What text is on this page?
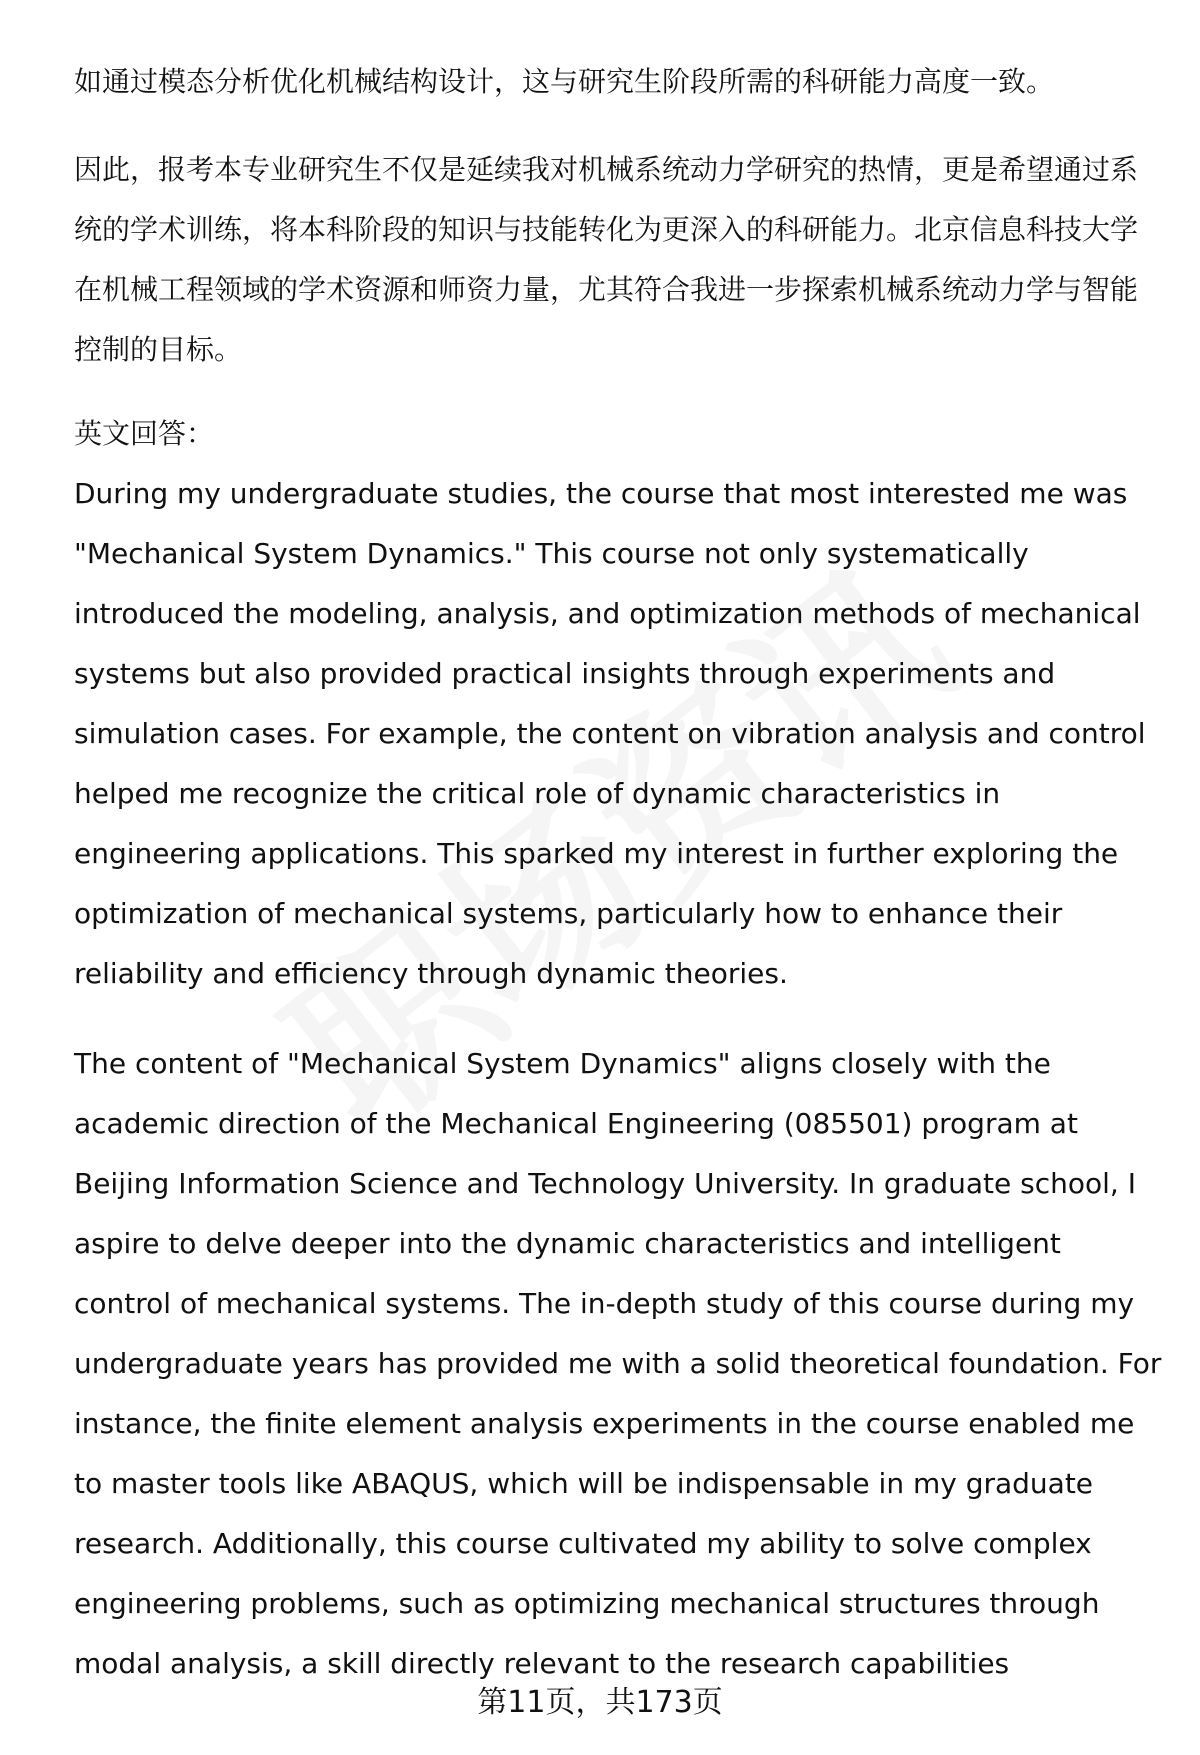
如通过模态分析优化机械结构设计，这与研究生阶段所需的科研能力高度一致。

因此，报考本专业研究生不仅是延续我对机械系统动力学研究的热情，更是希望通过系统的学术训练，将本科阶段的知识与技能转化为更深入的科研能力。北京信息科技大学在机械工程领域的学术资源和师资力量，尤其符合我进一步探索机械系统动力学与智能控制的目标。

英文回答：

During my undergraduate studies, the course that most interested me was "Mechanical System Dynamics." This course not only systematically introduced the modeling, analysis, and optimization methods of mechanical systems but also provided practical insights through experiments and simulation cases. For example, the content on vibration analysis and control helped me recognize the critical role of dynamic characteristics in engineering applications. This sparked my interest in further exploring the optimization of mechanical systems, particularly how to enhance their reliability and efficiency through dynamic theories.

The content of "Mechanical System Dynamics" aligns closely with the academic direction of the Mechanical Engineering (085501) program at Beijing Information Science and Technology University. In graduate school, I aspire to delve deeper into the dynamic characteristics and intelligent control of mechanical systems. The in-depth study of this course during my undergraduate years has provided me with a solid theoretical foundation. For instance, the finite element analysis experiments in the course enabled me to master tools like ABAQUS, which will be indispensable in my graduate research. Additionally, this course cultivated my ability to solve complex engineering problems, such as optimizing mechanical structures through modal analysis, a skill directly relevant to the research capabilities

第11页，共173页
